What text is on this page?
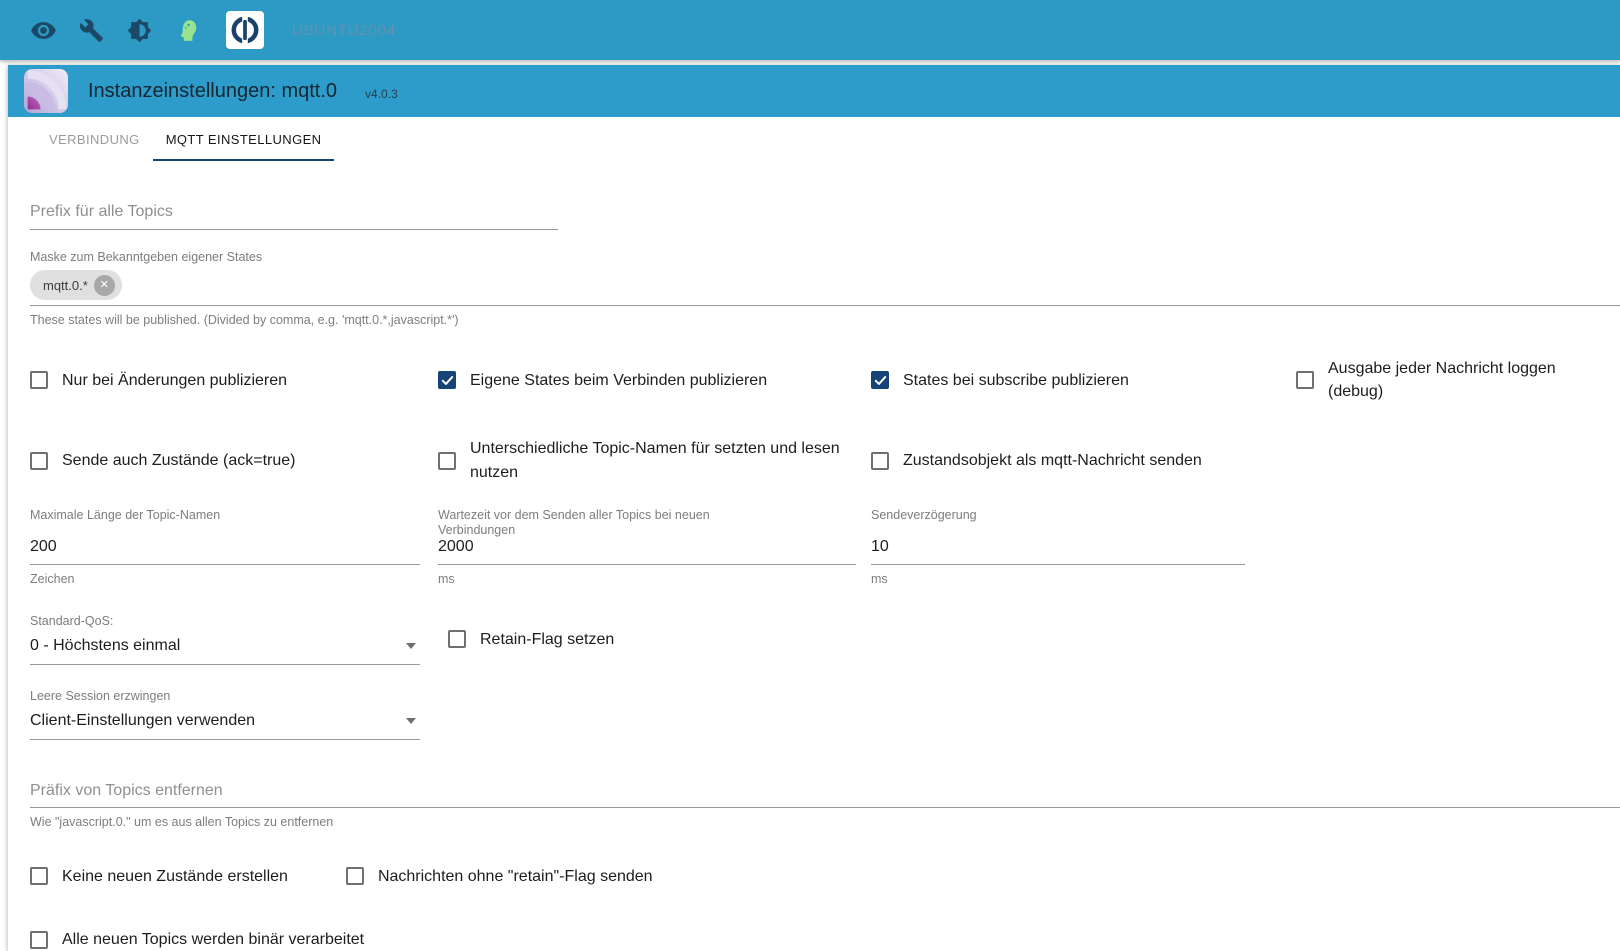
UBUNTU2004
Instanzeinstellungen: mqtt.0 v4.0.3
VERBINDUNG	MQTT EINSTELLUNGEN
Prefix für alle Topics
Maske zum Bekanntgeben eigener States
mqtt.0.* ×
These states will be published. (Divided by comma, e.g. 'mqtt.0.*,javascript.*')
Nur bei Änderungen publizieren	Eigene States beim Verbinden publizieren	States bei subscribe publizieren
Ausgabe jeder Nachricht loggen (debug)
Sende auch Zustände (ack=true)
Unterschiedliche Topic-Namen für setzten und lesen nutzen
Zustandsobjekt als mqtt-Nachricht senden
Maximale Länge der Topic-Namen
200
Zeichen
Wartezeit vor dem Senden aller Topics bei neuen Verbindungen
2000
ms
Sendeverzögerung
10
ms
Standard-QoS:
0 - Höchstens einmal	Retain-Flag setzen
Leere Session erzwingen
Client-Einstellungen verwenden
Präfix von Topics entfernen
Wie "javascript.0." um es aus allen Topics zu entfernen
Keine neuen Zustände erstellen	Nachrichten ohne "retain"-Flag senden
Alle neuen Topics werden binär verarbeitet
